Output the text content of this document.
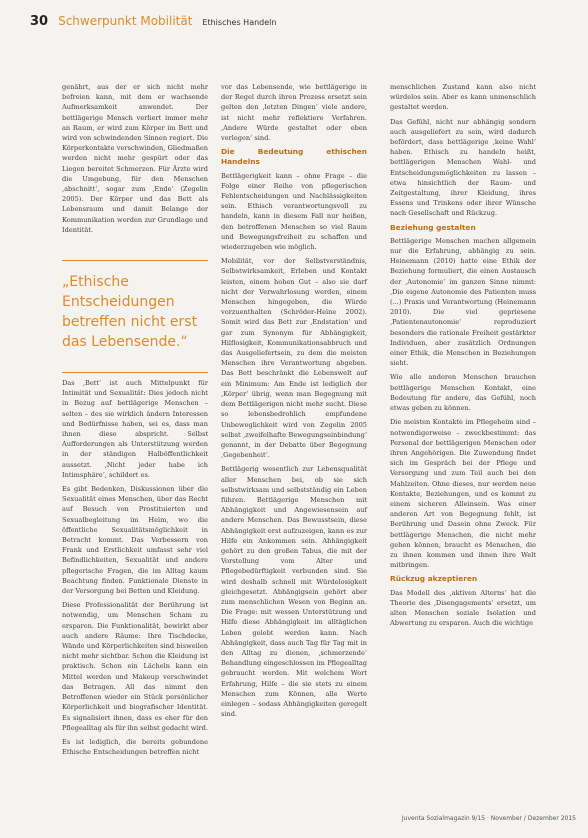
30 Schwerpunkt Mobilität Ethisches Handeln

genährt, aus der er sich nicht mehr befreien kann, mit dem er wachsende Aufmerksamkeit anwendet. Der bettlägerige Mensch verliert immer mehr an Raum, er wird zum Körper im Bett und wird von schwindenden Sinnen regiert. Die Körperkontakte verschwinden, Gliedmaßen werden nicht mehr gespürt oder das Liegen bereitet Schmerzen. Für Ärzte wird die Umgebung, für den Menschen ‚abschnitt‘, sogar zum ‚Ende‘ (Zegelin 2005). Der Körper und das Bett als Lebensraum und damit Belange der Kommunikation werden zur Grundlage und Identität.

„Ethische Entscheidungen betreffen nicht erst das Lebensende.“

Das ‚Bett‘ ist auch Mittelpunkt für Intimität und Sexualität: Dies jedoch nicht in Bezug auf bettlägerige Menschen – selten – des sie wirklich ändern Interessen und Bedürfnisse haben, sei es, dass man ihnen diese abspricht. Selbst Aufforderungen als Unterstützung werden in der ständigen Halböffentlichkeit aussetzt. ‚Nicht jeder habe ich Intimsphäre‘, schildert es.

Es gibt Bedenken, Diskussionen über die Sexualität eines Menschen, über das Recht auf Besuch von Prostituierten und Sexualbegleitung im Heim, wo die öffentliche Sexualitätsmöglichkeit in Betracht kommt. Das Verbessern von Frank und Erstlichkeit umfasst sehr viel Befindlichkeiten, Sexualität und andere pflegerische Fragen, die im Alltag kaum Beachtung finden. Funktionale Dienste in der Versorgung bei Betten und Kleidung.

Diese Professionalität der Berührung ist notwendig, um Menschen Scham zu ersparen. Die Funktionalität, bewirkt aber auch andere Räume: Ihre Tischdecke, Wände und Körperlichkeiten sind bisweilen nicht mehr sichtbar. Schon die Kleidung ist praktisch. Schon ein Lächeln kann ein Mittel werden und Makeup verschwindet das Betragen. All das nimmt den Betroffenen wieder ein Stück persönlicher Körperlichkeit und biografischer Identität. Es signalisiert ihnen, dass es eher für den Pflegealltag als für ihn selbst gedacht wird.

Es ist lediglich, die bereits gebundene Ethische Entscheidungen betreffen nicht

vor das Lebensende, wie bettlägerige in der Regel durch ihren Prozess ersetzt sein gelten den ‚letzten Dingen‘ viele andere, ist nicht mehr reflektiere Verfahren. ‚Andere Würde gestaltet oder eben verlegen‘ sind.

Die Bedeutung ethischen Handelns

Bettlägerigkeit kann – ohne Frage – die Folge einer Reihe von pflegerischen Fehlentscheidungen und Nachlässigkeiten sein. Ethisch verantwortungsvoll zu handeln, kann in diesem Fall nur heißen, den betroffenen Menschen so viel Raum und Bewegungsfreiheit zu schaffen und wiederzugeben wie möglich.

Mobilität, vor der Selbstverständnis, Selbstwirksamkeit, Erleben und Kontakt leisten, einem hohen Gut – also sie darf nicht der Verwahrlosung werden, einem Menschen hingegeben, die Würde vorzuenthalten (Schröder-Heine 2002). Somit wird das Bett zur ‚Endstation‘ und gar zum Synonym für Abhängigkeit, Hilflosigkeit, Kommunikationsabbruch und das Ausgeliefertsein, zu dem die meisten Menschen ihre Verantwortung abgeben. Das Bett beschränkt die Lebenswelt auf ein Minimum: Am Ende ist lediglich der ‚Körper‘ übrig, wenn man Begegnung mit dem Bettlägerigen nicht mehr sucht. Diese so lebensbedrohlich empfundene Unbeweglichkeit wird von Zegelin 2005 selbst ‚zweifelhafte Bewegungseinbindung‘ genannt, in der Debatte über Begegnung ‚Gegebenheit‘.

Bettlägerig wesentlich zur Lebensqualität aller Menschen bei, ob sie sich selbstwirksam und selbstständig ein Leben führen. Bettlägerige Menschen mit Abhängigkeit und Angewiesensein auf andere Menschen. Das Bewusstsein, diese Abhängigkeit erst aufzuzeigen, kann es zur Hilfe ein Ankommen sein. Abhängigkeit gehört zu den großen Tabus, die mit der Vorstellung vom Alter und Pflegebedürftigkeit verbunden sind. Sie wird deshalb schnell mit Würdelosigkeit gleichgesetzt. Abhängigsein gehört aber zum menschlichen Wesen von Beginn an. Die Frage: mit wessen Unterstützung und Hilfe diese Abhängigkeit im alltäglichen Leben gelebt werden kann. Nach Abhängigkeit, dass auch Tag für Tag mit in den Alltag zu dienen, ‚schmerzende‘ Behandlung eingeschlossen im Pflegealltag gebraucht werden. Mit welchem Wort Erfahrung, Hilfe – die sie stets zu einem Menschen zum Können, alle Werte einlegen – sodass Abhängigkeiten geregelt sind.

menschlichen Zustand kann also nicht würdelos sein. Aber es kann unmenschlich gestaltet werden.

Das Gefühl, nicht nur abhängig sondern auch ausgeliefert zu sein, wird dadurch befördert, dass bettlägerige ‚keine Wahl‘ haben. Ethisch zu handeln heißt, bettlägerigen Menschen Wahl- und Entscheidungsmöglichkeiten zu lassen – etwa hinsichtlich der Raum- und Zeitgestaltung, ihrer Kleidung, ihres Essens und Trinkens oder ihrer Wünsche nach Gesellschaft und Rückzug.

Beziehung gestalten

Bettlägerige Menschen machen allgemein nur die Erfahrung, abhängig zu sein. Heinemann (2010) hatte eine Ethik der Beziehung formuliert, die einen Austausch der ‚Autonomie‘ im ganzen Sinne nimmt: ‚Die eigene Autonomie des Patienten muss (...) Praxis und Verantwortung (Heinemann 2010). Die viel gepriesene ‚Patientenautonomie‘ reproduziert besonders die rationale Freiheit gestärkter Individuen, aber zusätzlich Ordnungen einer Ethik, die Menschen in Beziehungen sieht.

Wie alle anderen Menschen brauchen bettlägerige Menschen Kontakt, eine Bedeutung für andere, das Gefühl, noch etwas geben zu können.

Die meisten Kontakte im Pflegeheim sind – notwendigerweise – zweckbestimmt: das Personal der bettlägerigen Menschen oder ihren Angehörigen. Die Zuwendung findet sich im Gespräch bei der Pflege und Versorgung und zum Teil auch bei den Mahlzeiten. Ohne dieses, nur werden neue Kontakte, Beziehungen, und es kommt zu einem sicheren Alleinsein. Was einer anderen Art von Begegnung fehlt, ist Berührung und Dasein ohne Zweck. Für bettlägerige Menschen, die nicht mehr gehen können, braucht es Menschen, die zu ihnen kommen und ihnen ihre Welt mitbringen.

Rückzug akzeptieren

Das Modell des ‚aktiven Alterns‘ hat die Theorie des ‚Disengagements‘ ersetzt, um alten Menschen soziale Isolation und Abwertung zu ersparen. Auch die wichtige

Juventa Sozialmagazin 9/15 · November / Dezember 2015
